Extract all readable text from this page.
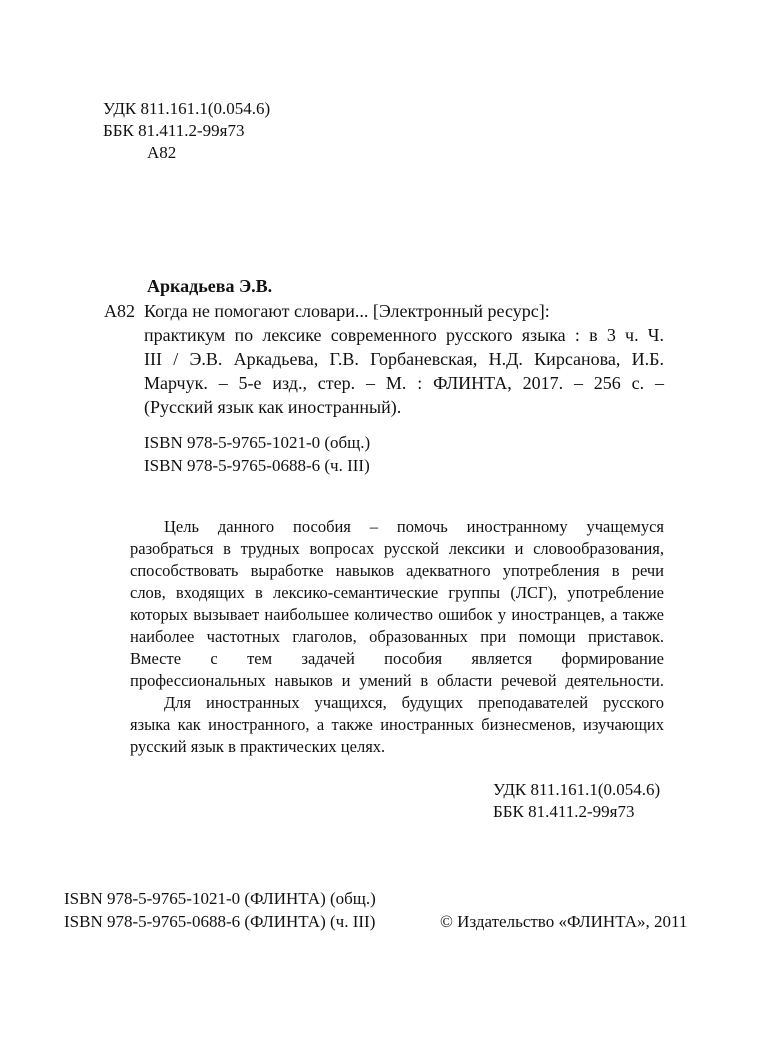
УДК 811.161.1(0.054.6)
ББК 81.411.2-99я73
А82
Аркадьева Э.В.
А82 Когда не помогают словари... [Электронный ресурс]:
практикум по лексике современного русского языка : в 3 ч. Ч.
III / Э.В. Аркадьева, Г.В. Горбаневская, Н.Д. Кирсанова, И.Б.
Марчук. – 5-е изд., стер. – М. : ФЛИНТА, 2017. – 256 с. –
(Русский язык как иностранный).
ISBN 978-5-9765-1021-0 (общ.)
ISBN 978-5-9765-0688-6 (ч. III)
Цель данного пособия – помочь иностранному учащемуся
разобраться в трудных вопросах русской лексики и словообразования,
способствовать выработке навыков адекватного употребления в речи
слов, входящих в лексико-семантические группы (ЛСГ), употребление
которых вызывает наибольшее количество ошибок у иностранцев, а также
наиболее частотных глаголов, образованных при помощи приставок.
Вместе с тем задачей пособия является формирование
профессиональных навыков и умений в области речевой деятельности.
Для иностранных учащихся, будущих преподавателей русского
языка как иностранного, а также иностранных бизнесменов, изучающих
русский язык в практических целях.
УДК 811.161.1(0.054.6)
ББК 81.411.2-99я73
ISBN 978-5-9765-1021-0 (ФЛИНТА) (общ.)
ISBN 978-5-9765-0688-6 (ФЛИНТА) (ч. III)	© Издательство «ФЛИНТА», 2011
